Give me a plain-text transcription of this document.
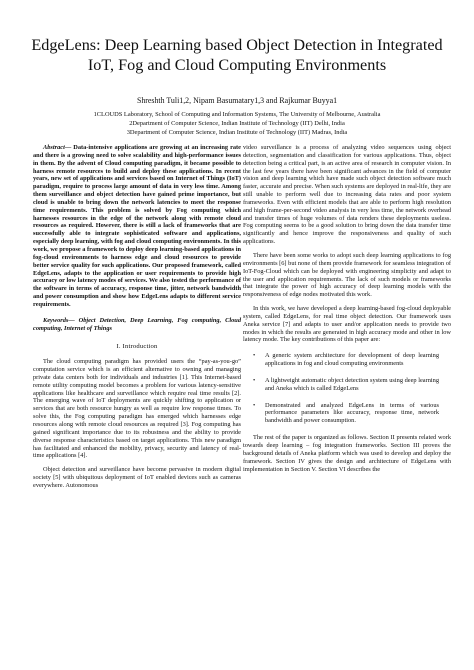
EdgeLens: Deep Learning based Object Detection in Integrated
IoT, Fog and Cloud Computing Environments
Shreshth Tuli1,2, Nipam Basumatary1,3 and Rajkumar Buyya1
1CLOUDS Laboratory, School of Computing and Information Systems, The University of Melbourne, Australia
2Department of Computer Science, Indian Institute of Technology (IIT) Delhi, India
3Department of Computer Science, Indian Institute of Technology (IIT) Madras, India

Abstract— Data-intensive applications are growing at an increasing rate and there is a growing need to solve scalability and high-performance issues in them. By the advent of Cloud computing paradigm, it became possible to harness remote resources to build and deploy these applications. In recent years, new set of applications and services based on Internet of Things (IoT) paradigm, require to process large amount of data in very less time. Among them surveillance and object detection have gained prime importance, but cloud is unable to bring down the network latencies to meet the response time requirements. This problem is solved by Fog computing which harnesses resources in the edge of the network along with remote cloud resources as required. However, there is still a lack of frameworks that are successfully able to integrate sophisticated software and applications, especially deep learning, with fog and cloud computing environments. In this work, we propose a framework to deploy deep learning-based applications in fog-cloud environments to harness edge and cloud resources to provide better service quality for such applications. Our proposed framework, called EdgeLens, adapts to the application or user requirements to provide high accuracy or low latency modes of services. We also tested the performance of the software in terms of accuracy, response time, jitter, network bandwidth and power consumption and show how EdgeLens adapts to different service requirements.

Keywords— Object Detection, Deep Learning, Fog computing, Cloud computing, Internet of Things

I. Introduction

The cloud computing paradigm has provided users the “pay-as-you-go” computation service which is an efficient alternative to owning and managing private data centers both for individuals and industries [1]. This Internet-based remote utility computing model becomes a problem for various latency-sensitive applications like healthcare and surveillance which require real time results [2]. The emerging wave of IoT deployments are quickly shifting to application or services that are both resource hungry as well as require low response times. To solve this, the Fog computing paradigm has emerged which harnesses edge resources along with remote cloud resources as required [3]. Fog computing has gained significant importance due to its robustness and the ability to provide diverse response characteristics based on target applications. This new paradigm has facilitated and enhanced the mobility, privacy, security and latency of real-time applications [4].

Object detection and surveillance have become pervasive in modern digital society [5] with ubiquitous deployment of IoT enabled devices such as cameras everywhere. Autonomous

video surveillance is a process of analyzing video sequences using object detection, segmentation and classification for various applications. Thus, object detection being a critical part, is an active area of research in computer vision. In the last few years there have been significant advances in the field of computer vision and deep learning which have made such object detection software much faster, accurate and precise. When such systems are deployed in real-life, they are still unable to perform well due to increasing data rates and poor system frameworks. Even with efficient models that are able to perform high resolution and high frame-per-second video analysis in very less time, the network overhead and transfer times of huge volumes of data renders these deployments useless. Fog computing seems to be a good solution to bring down the data transfer time significantly and hence improve the responsiveness and quality of such applications.

There have been some works to adopt such deep learning applications to fog environments [6] but none of them provide framework for seamless integration of IoT-Fog-Cloud which can be deployed with engineering simplicity and adapt to the user and application requirements. The lack of such models or frameworks that integrate the power of high accuracy of deep learning models with the responsiveness of edge nodes motivated this work.

In this work, we have developed a deep learning-based fog-cloud deployable system, called EdgeLens, for real time object detection. Our framework uses Aneka service [7] and adapts to user and/or application needs to provide two modes in which the results are generated in high accuracy mode and other in low latency mode. The key contributions of this paper are:

• A generic system architecture for development of deep learning applications in fog and cloud computing environments
• A lightweight automatic object detection system using deep learning and Aneka which is called EdgeLens
• Demonstrated and analyzed EdgeLens in terms of various performance parameters like accuracy, response time, network bandwidth and power consumption.

The rest of the paper is organized as follows. Section II presents related work towards deep learning – fog integration frameworks. Section III proves the background details of Aneka platform which was used to develop and deploy the framework. Section IV gives the design and architecture of EdgeLens with implementation in Section V. Section VI describes the
